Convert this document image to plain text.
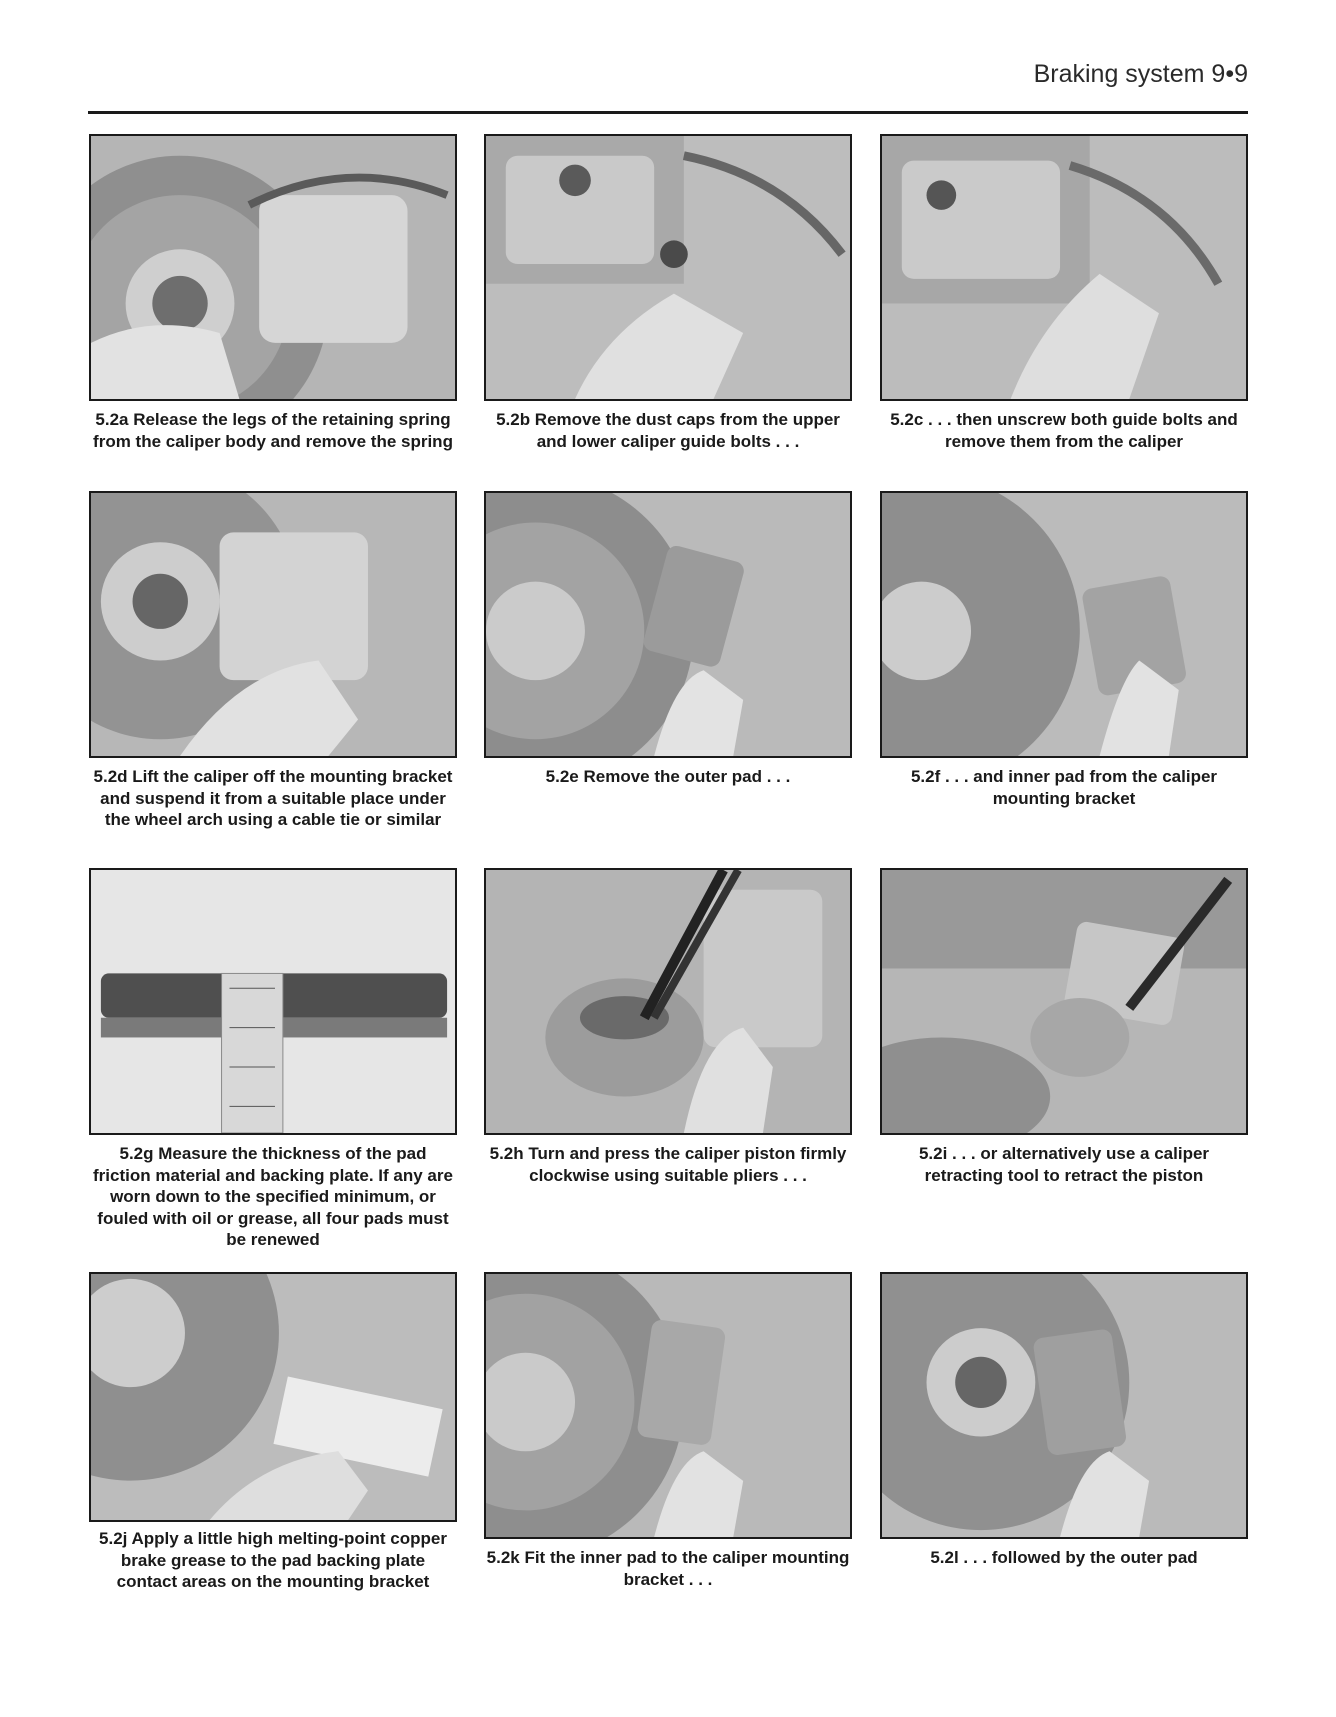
Braking system 9•9
5.2a Release the legs of the retaining spring from the caliper body and remove the spring
5.2b Remove the dust caps from the upper and lower caliper guide bolts . . .
5.2c . . . then unscrew both guide bolts and remove them from the caliper
5.2d Lift the caliper off the mounting bracket and suspend it from a suitable place under the wheel arch using a cable tie or similar
5.2e Remove the outer pad . . .	5.2f . . . and inner pad from the caliper mounting bracket
5.2g Measure the thickness of the pad friction material and backing plate. If any are worn down to the specified minimum, or fouled with oil or grease, all four pads must be renewed
5.2h Turn and press the caliper piston firmly clockwise using suitable pliers . . .
5.2i . . . or alternatively use a caliper retracting tool to retract the piston
5.2j Apply a little high melting-point copper brake grease to the pad backing plate contact areas on the mounting bracket
5.2k Fit the inner pad to the caliper mounting bracket . . .
5.2l . . . followed by the outer pad
